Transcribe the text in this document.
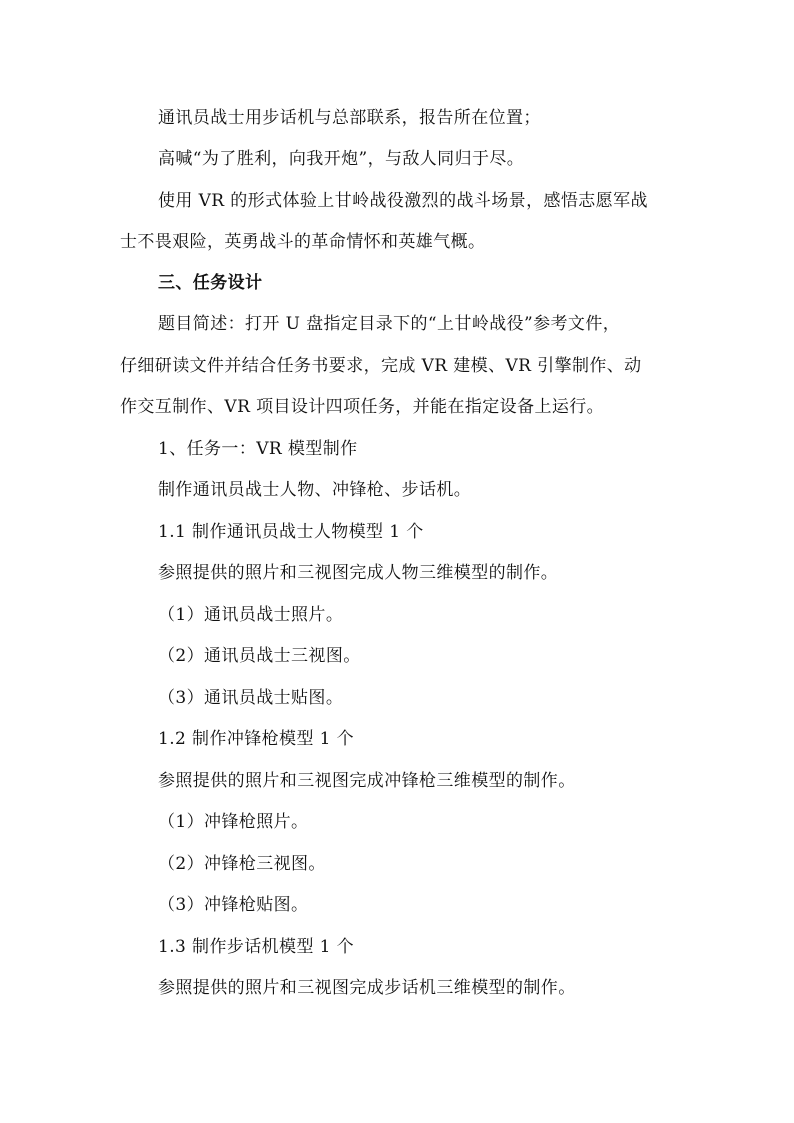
通讯员战士用步话机与总部联系，报告所在位置；

高喊“为了胜利，向我开炮”，与敌人同归于尽。

使用 VR 的形式体验上甘岭战役激烈的战斗场景，感悟志愿军战

士不畏艰险，英勇战斗的革命情怀和英雄气概。

三、任务设计

题目简述：打开 U 盘指定目录下的“上甘岭战役”参考文件，

仔细研读文件并结合任务书要求，完成 VR 建模、VR 引擎制作、动

作交互制作、VR 项目设计四项任务，并能在指定设备上运行。

1、任务一：VR 模型制作

制作通讯员战士人物、冲锋枪、步话机。

1.1 制作通讯员战士人物模型 1 个

参照提供的照片和三视图完成人物三维模型的制作。

（1）通讯员战士照片。

（2）通讯员战士三视图。

（3）通讯员战士贴图。

1.2 制作冲锋枪模型 1 个

参照提供的照片和三视图完成冲锋枪三维模型的制作。

（1）冲锋枪照片。

（2）冲锋枪三视图。

（3）冲锋枪贴图。

1.3 制作步话机模型 1 个

参照提供的照片和三视图完成步话机三维模型的制作。
